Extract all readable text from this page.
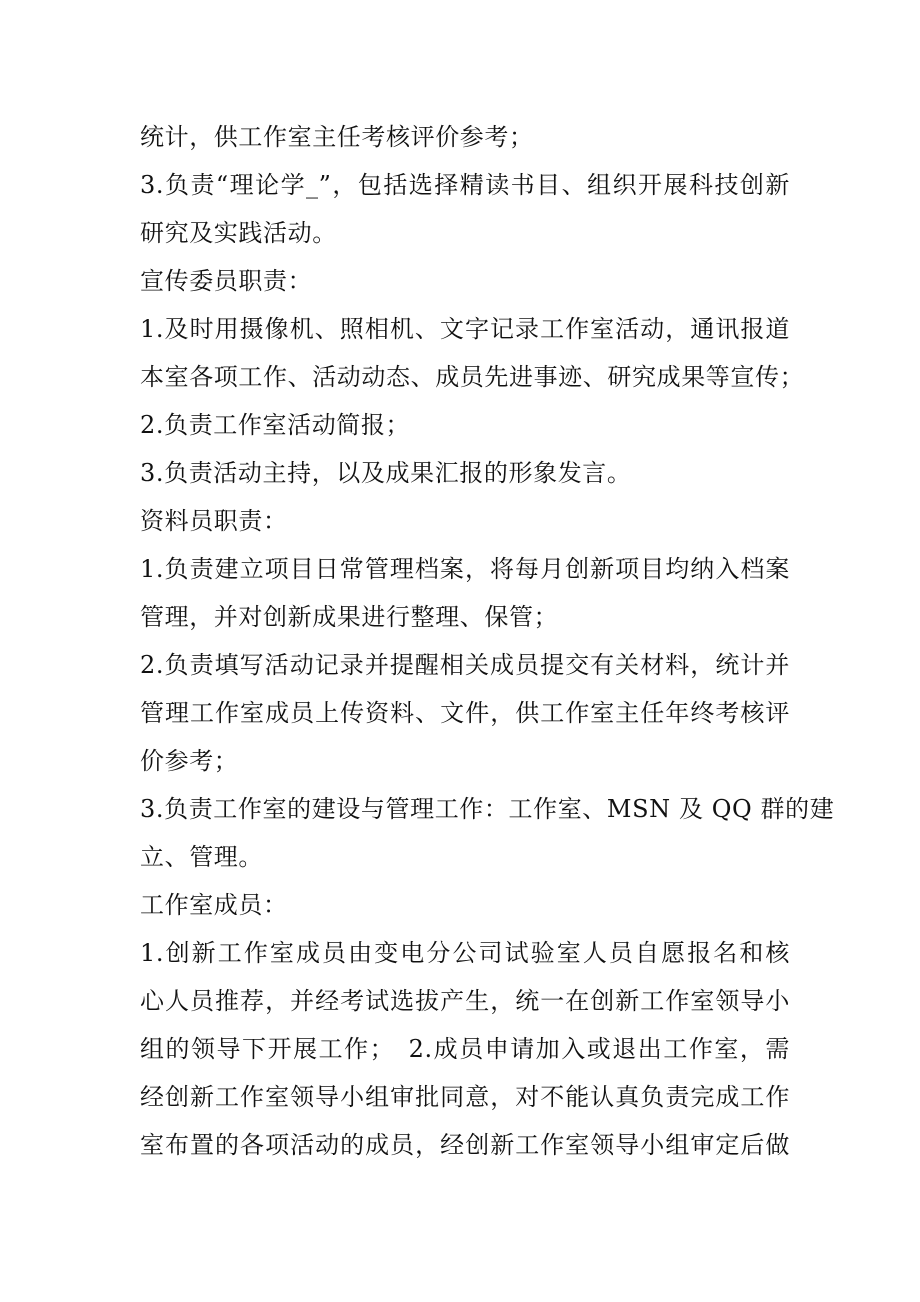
统计，供工作室主任考核评价参考；
3.负责“理论学_”，包括选择精读书目、组织开展科技创新
研究及实践活动。
宣传委员职责：
1.及时用摄像机、照相机、文字记录工作室活动，通讯报道
本室各项工作、活动动态、成员先进事迹、研究成果等宣传；
2.负责工作室活动简报；
3.负责活动主持，以及成果汇报的形象发言。
资料员职责：
1.负责建立项目日常管理档案，将每月创新项目均纳入档案
管理，并对创新成果进行整理、保管；
2.负责填写活动记录并提醒相关成员提交有关材料，统计并
管理工作室成员上传资料、文件，供工作室主任年终考核评
价参考；
3.负责工作室的建设与管理工作：工作室、MSN 及 QQ 群的建
立、管理。
工作室成员：
1.创新工作室成员由变电分公司试验室人员自愿报名和核
心人员推荐，并经考试选拔产生，统一在创新工作室领导小
组的领导下开展工作；　2.成员申请加入或退出工作室，需
经创新工作室领导小组审批同意，对不能认真负责完成工作
室布置的各项活动的成员，经创新工作室领导小组审定后做
